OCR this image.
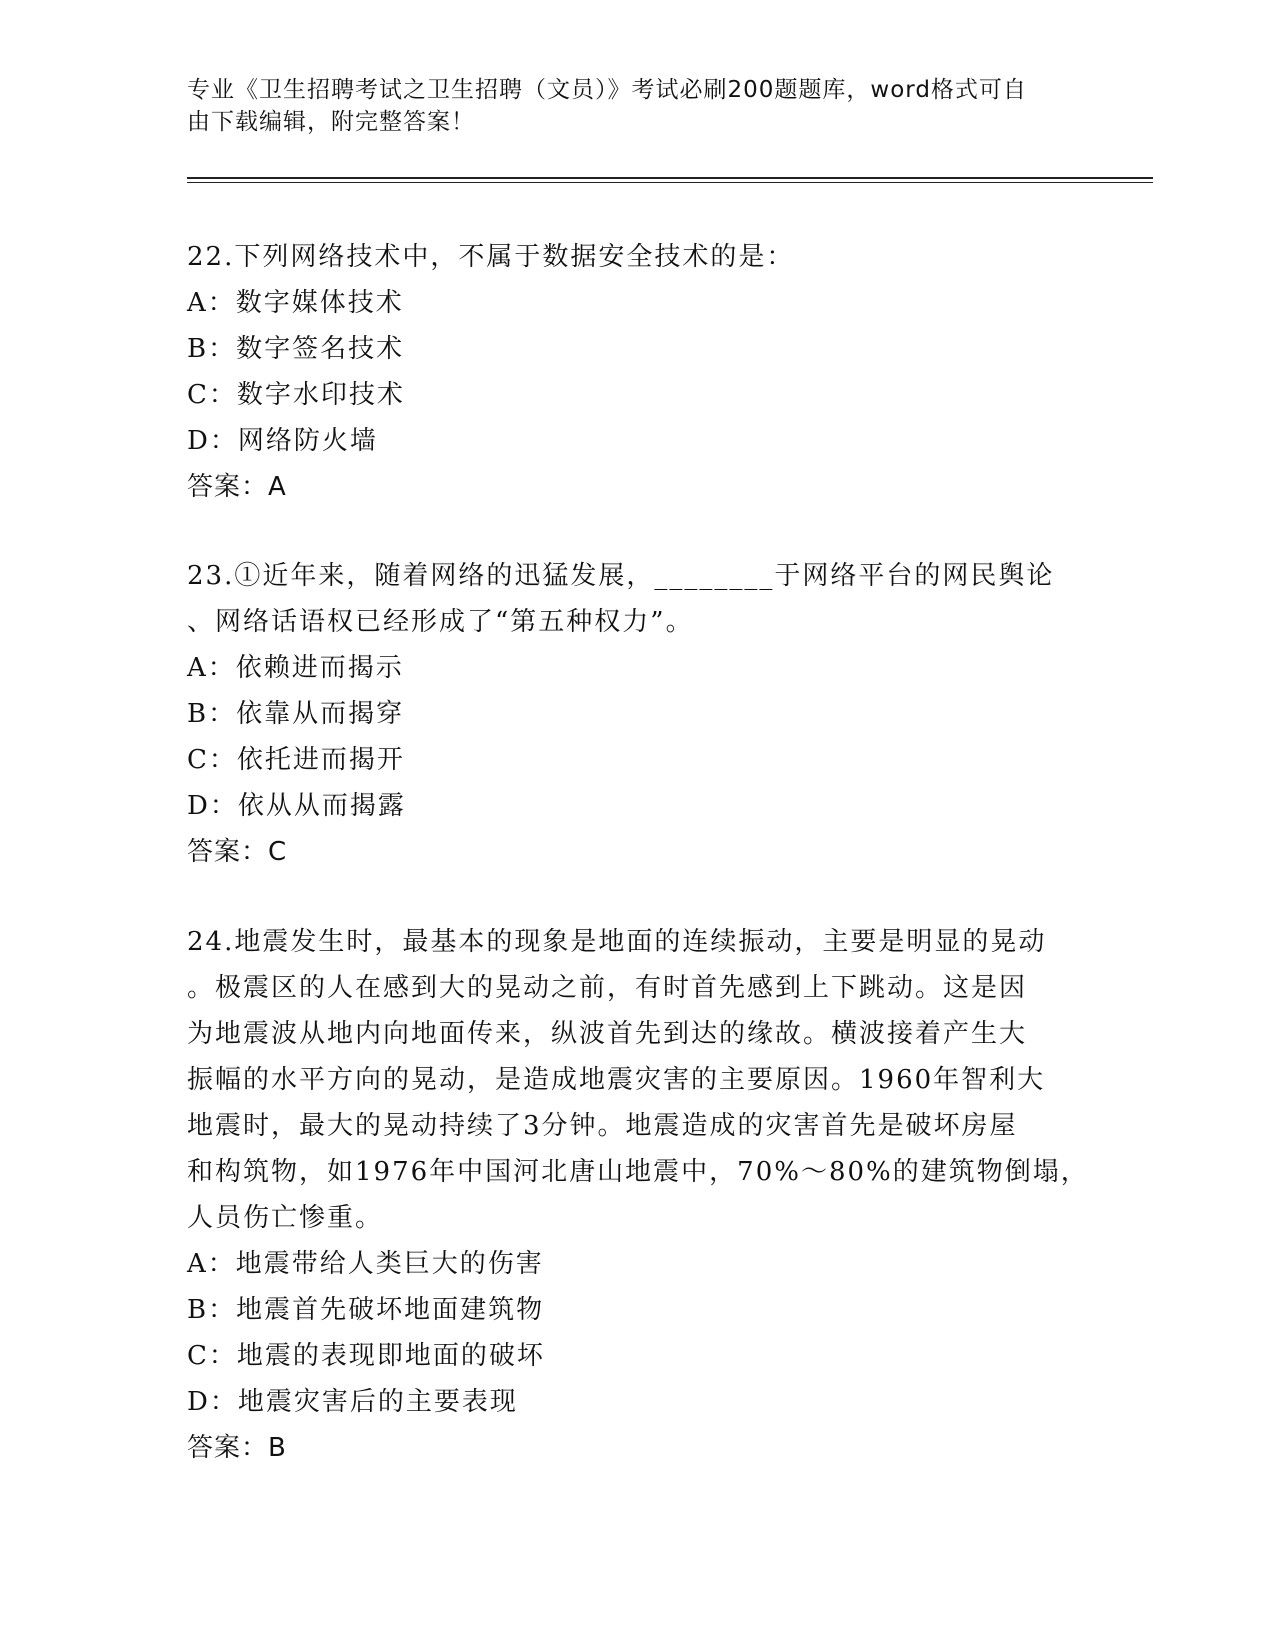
专业《卫生招聘考试之卫生招聘（文员）》考试必刷200题题库，word格式可自
由下载编辑，附完整答案！
22.下列网络技术中，不属于数据安全技术的是：
A：数字媒体技术
B：数字签名技术
C：数字水印技术
D：网络防火墙
答案：A
23.①近年来，随着网络的迅猛发展，________于网络平台的网民舆论
、网络话语权已经形成了“第五种权力”。
A：依赖进而揭示
B：依靠从而揭穿
C：依托进而揭开
D：依从从而揭露
答案：C
24.地震发生时，最基本的现象是地面的连续振动，主要是明显的晃动
。极震区的人在感到大的晃动之前，有时首先感到上下跳动。这是因
为地震波从地内向地面传来，纵波首先到达的缘故。横波接着产生大
振幅的水平方向的晃动，是造成地震灾害的主要原因。1960年智利大
地震时，最大的晃动持续了3分钟。地震造成的灾害首先是破坏房屋
和构筑物，如1976年中国河北唐山地震中，70%～80%的建筑物倒塌，
人员伤亡惨重。
A：地震带给人类巨大的伤害
B：地震首先破坏地面建筑物
C：地震的表现即地面的破坏
D：地震灾害后的主要表现
答案：B
